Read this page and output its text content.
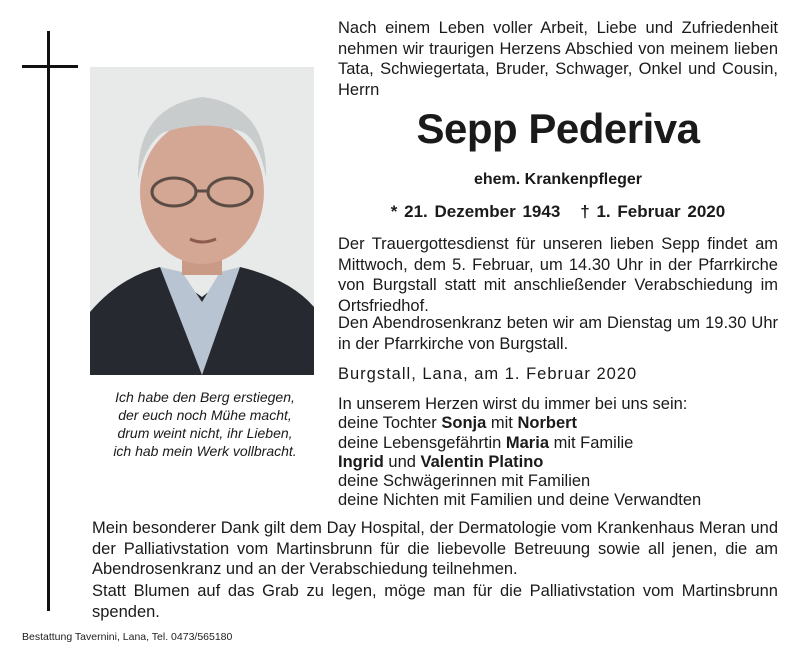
Ich habe den Berg erstiegen,
der euch noch Mühe macht,
drum weint nicht, ihr Lieben,
ich hab mein Werk vollbracht.
Nach einem Leben voller Arbeit, Liebe und Zufriedenheit nehmen wir traurigen Herzens Abschied von meinem lieben Tata, Schwiegertata, Bruder, Schwager, Onkel und Cousin, Herrn
Sepp Pederiva
ehem. Krankenpfleger
* 21. Dezember 1943 † 1. Februar 2020
Der Trauergottesdienst für unseren lieben Sepp findet am Mittwoch, dem 5. Februar, um 14.30 Uhr in der Pfarrkirche von Burgstall statt mit anschließender Verabschiedung im Ortsfriedhof.
Den Abendrosenkranz beten wir am Dienstag um 19.30 Uhr in der Pfarrkirche von Burgstall.
Burgstall, Lana, am 1. Februar 2020
In unserem Herzen wirst du immer bei uns sein:
deine Tochter Sonja mit Norbert
deine Lebensgefährtin Maria mit Familie
Ingrid und Valentin Platino
deine Schwägerinnen mit Familien
deine Nichten mit Familien und deine Verwandten
Mein besonderer Dank gilt dem Day Hospital, der Dermatologie vom Krankenhaus Meran und der Palliativstation vom Martinsbrunn für die liebevolle Betreuung sowie all jenen, die am Abendrosenkranz und an der Verabschiedung teilnehmen.
Statt Blumen auf das Grab zu legen, möge man für die Palliativstation vom Martinsbrunn spenden.
Bestattung Tavernini, Lana, Tel. 0473/565180
